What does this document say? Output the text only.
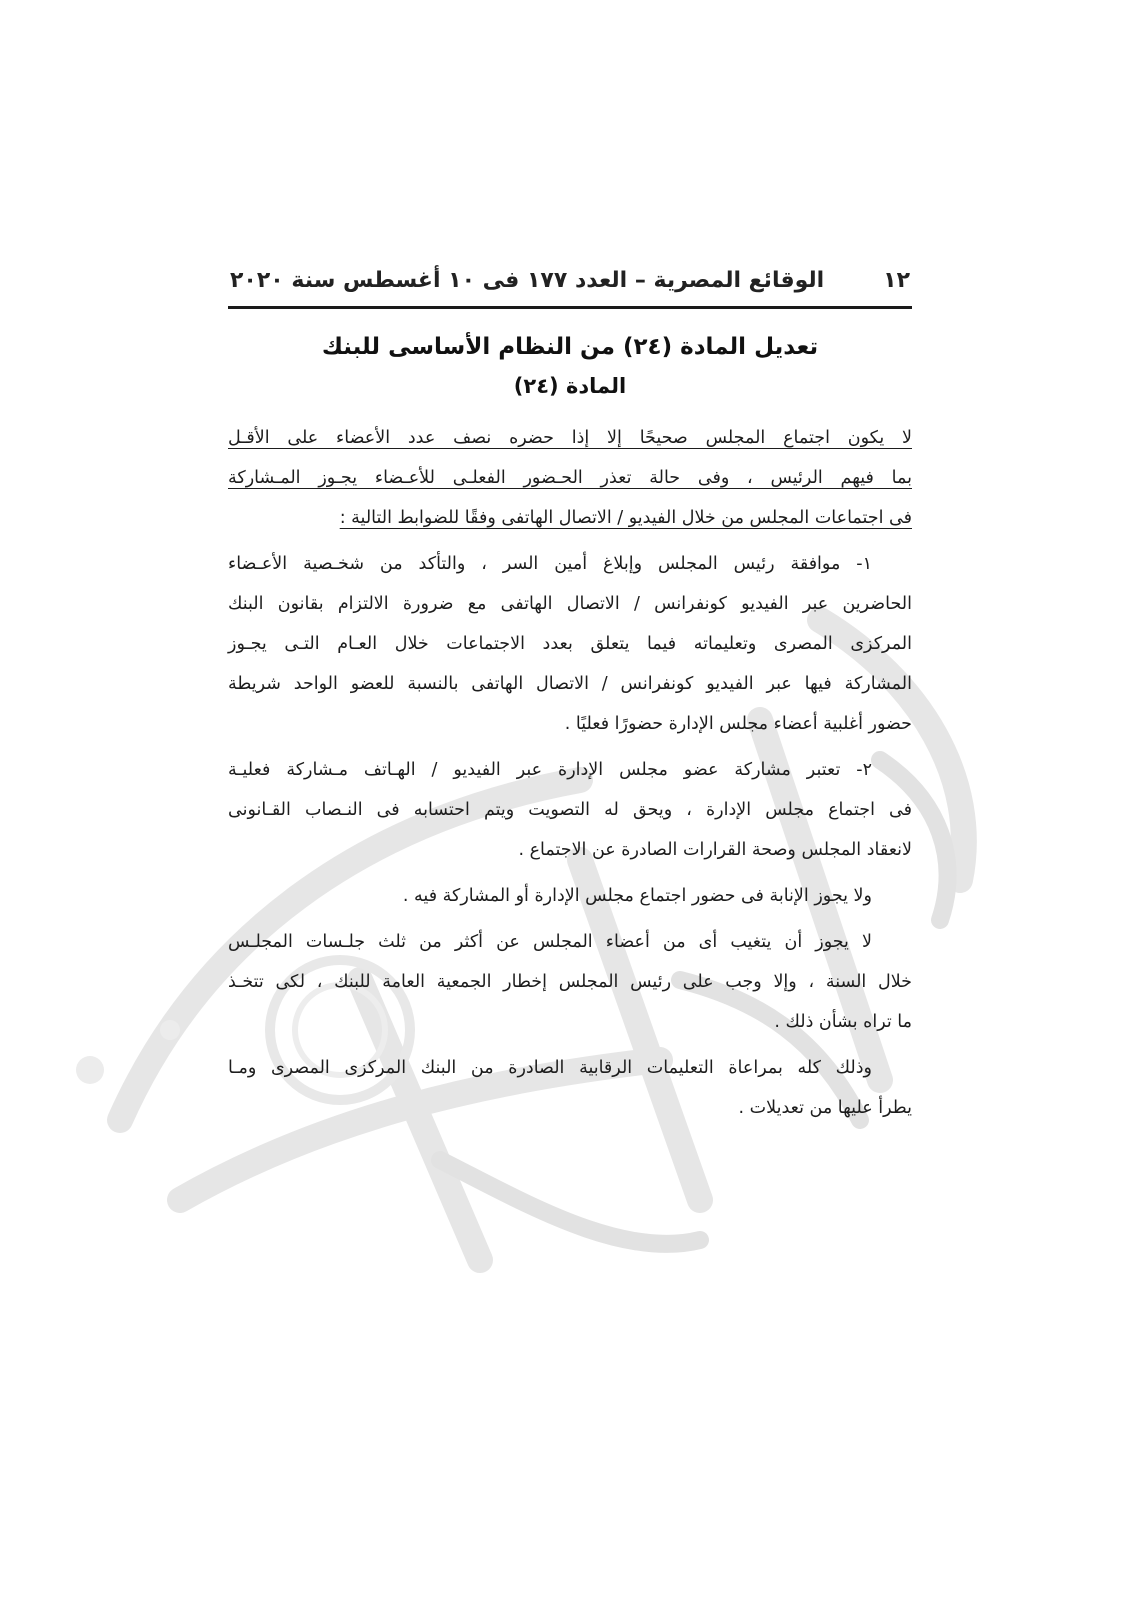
١٢
الوقائع المصرية – العدد ١٧٧ فى ١٠ أغسطس سنة ٢٠٢٠
تعديل المادة (٢٤) من النظام الأساسى للبنك
المادة (٢٤)

لا يكون اجتماع المجلس صحيحًا إلا إذا حضره نصف عدد الأعضاء على الأقـل
بما فيهم الرئيس ، وفى حالة تعذر الحـضور الفعلـى للأعـضاء يجـوز المـشاركة
فى اجتماعات المجلس من خلال الفيديو / الاتصال الهاتفى وفقًا للضوابط التالية :

١- موافقة رئيس المجلس وإبلاغ أمين السر ، والتأكد من شخـصية الأعـضاء
الحاضرين عبر الفيديو كونفرانس / الاتصال الهاتفى مع ضرورة الالتزام بقانون البنك
المركزى المصرى وتعليماته فيما يتعلق بعدد الاجتماعات خلال العـام التـى يجـوز
المشاركة فيها عبر الفيديو كونفرانس / الاتصال الهاتفى بالنسبة للعضو الواحد شريطة
حضور أغلبية أعضاء مجلس الإدارة حضورًا فعليًا .

٢- تعتبر مشاركة عضو مجلس الإدارة عبر الفيديو / الهـاتف مـشاركة فعليـة
فى اجتماع مجلس الإدارة ، ويحق له التصويت ويتم احتسابه فى النـصاب القـانونى
لانعقاد المجلس وصحة القرارات الصادرة عن الاجتماع .

ولا يجوز الإنابة فى حضور اجتماع مجلس الإدارة أو المشاركة فيه .

لا يجوز أن يتغيب أى من أعضاء المجلس عن أكثر من ثلث جلـسات المجلـس
خلال السنة ، وإلا وجب على رئيس المجلس إخطار الجمعية العامة للبنك ، لكى تتخـذ
ما تراه بشأن ذلك .

وذلك كله بمراعاة التعليمات الرقابية الصادرة من البنك المركزى المصرى ومـا
يطرأ عليها من تعديلات .
